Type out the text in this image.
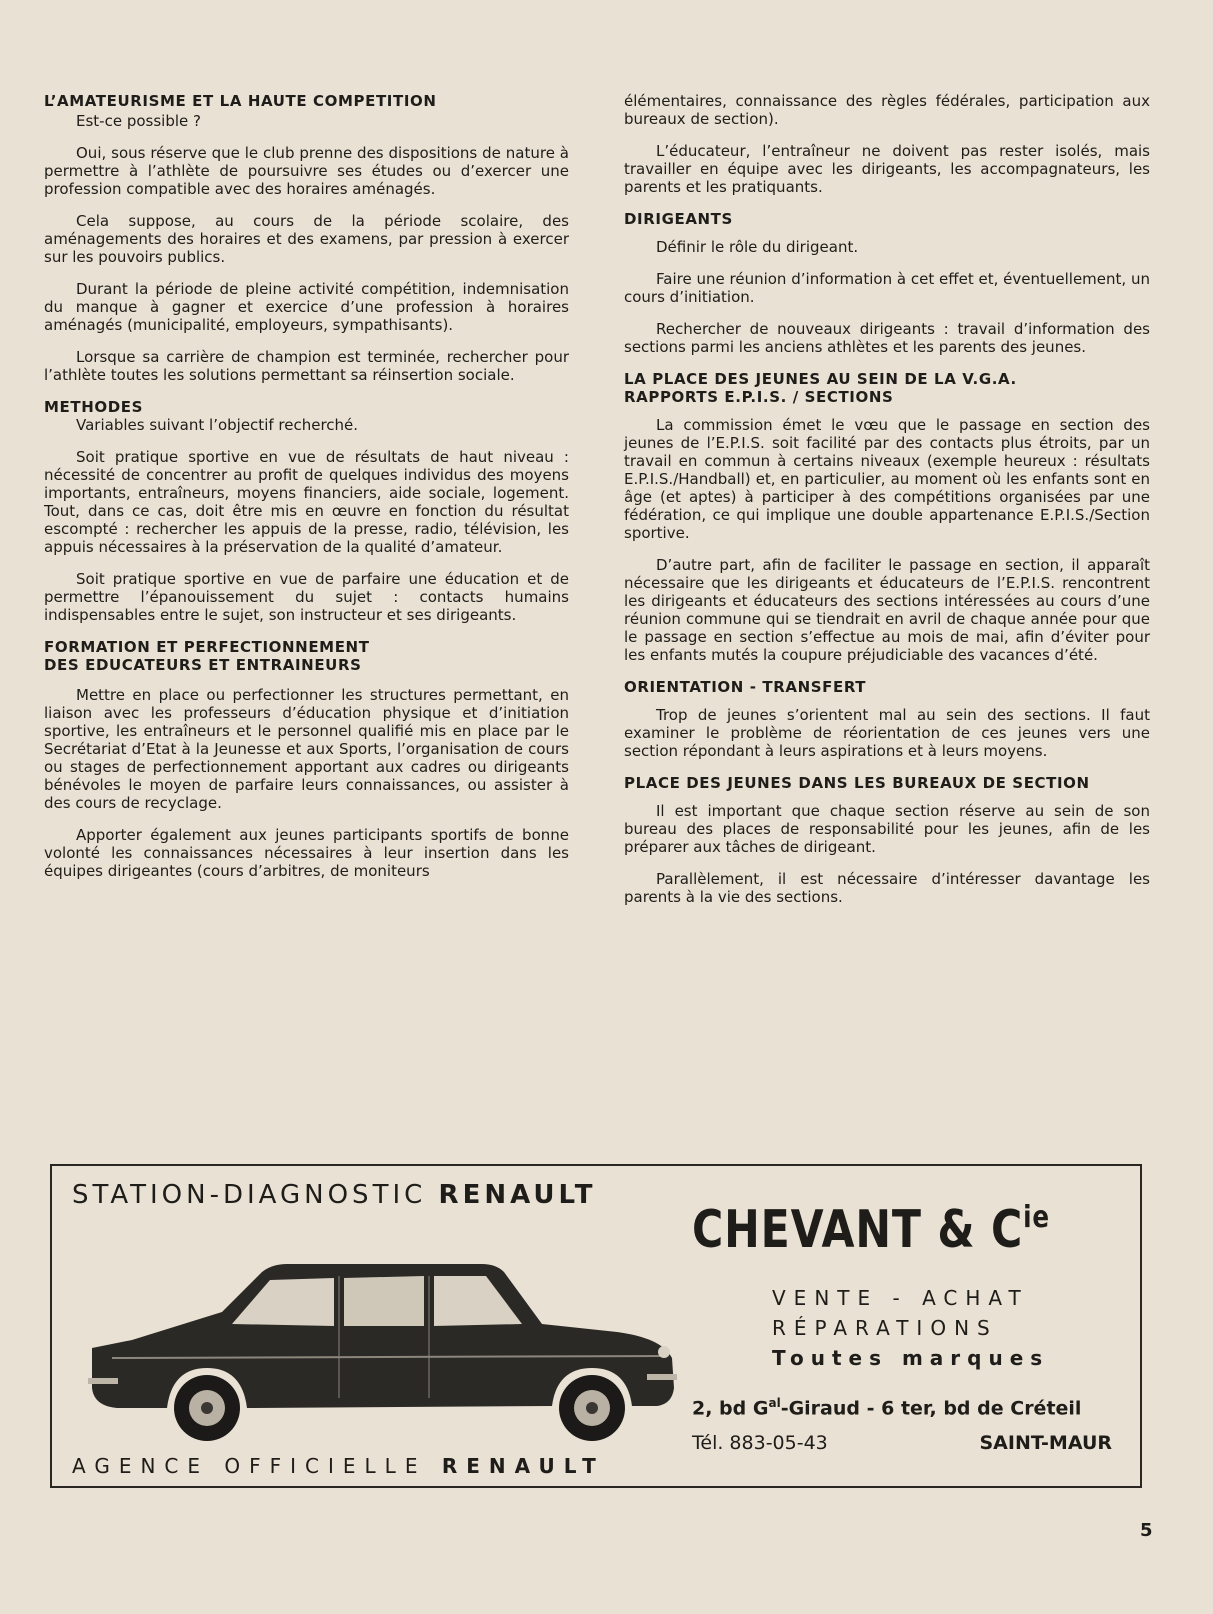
L’AMATEURISME ET LA HAUTE COMPETITION

Est-ce possible ?

Oui, sous réserve que le club prenne des dispositions de nature à permettre à l’athlète de poursuivre ses études ou d’exercer une profession compatible avec des horaires aménagés.

Cela suppose, au cours de la période scolaire, des aménagements des horaires et des examens, par pression à exercer sur les pouvoirs publics.

Durant la période de pleine activité compétition, indemnisation du manque à gagner et exercice d’une profession à horaires aménagés (municipalité, employeurs, sympathisants).

Lorsque sa carrière de champion est terminée, rechercher pour l’athlète toutes les solutions permettant sa réinsertion sociale.

METHODES

Variables suivant l’objectif recherché.

Soit pratique sportive en vue de résultats de haut niveau : nécessité de concentrer au profit de quelques individus des moyens importants, entraîneurs, moyens financiers, aide sociale, logement. Tout, dans ce cas, doit être mis en œuvre en fonction du résultat escompté : rechercher les appuis de la presse, radio, télévision, les appuis nécessaires à la préservation de la qualité d’amateur.

Soit pratique sportive en vue de parfaire une éducation et de permettre l’épanouissement du sujet : contacts humains indispensables entre le sujet, son instructeur et ses dirigeants.

FORMATION ET PERFECTIONNEMENT
DES EDUCATEURS ET ENTRAINEURS

Mettre en place ou perfectionner les structures permettant, en liaison avec les professeurs d’éducation physique et d’initiation sportive, les entraîneurs et le personnel qualifié mis en place par le Secrétariat d’Etat à la Jeunesse et aux Sports, l’organisation de cours ou stages de perfectionnement apportant aux cadres ou dirigeants bénévoles le moyen de parfaire leurs connaissances, ou assister à des cours de recyclage.

Apporter également aux jeunes participants sportifs de bonne volonté les connaissances nécessaires à leur insertion dans les équipes dirigeantes (cours d’arbitres, de moniteurs

élémentaires, connaissance des règles fédérales, participation aux bureaux de section).

L’éducateur, l’entraîneur ne doivent pas rester isolés, mais travailler en équipe avec les dirigeants, les accompagnateurs, les parents et les pratiquants.

DIRIGEANTS

Définir le rôle du dirigeant.

Faire une réunion d’information à cet effet et, éventuellement, un cours d’initiation.

Rechercher de nouveaux dirigeants : travail d’information des sections parmi les anciens athlètes et les parents des jeunes.

LA PLACE DES JEUNES AU SEIN DE LA V.G.A.
RAPPORTS E.P.I.S. / SECTIONS

La commission émet le vœu que le passage en section des jeunes de l’E.P.I.S. soit facilité par des contacts plus étroits, par un travail en commun à certains niveaux (exemple heureux : résultats E.P.I.S./Handball) et, en particulier, au moment où les enfants sont en âge (et aptes) à participer à des compétitions organisées par une fédération, ce qui implique une double appartenance E.P.I.S./Section sportive.

D’autre part, afin de faciliter le passage en section, il apparaît nécessaire que les dirigeants et éducateurs de l’E.P.I.S. rencontrent les dirigeants et éducateurs des sections intéressées au cours d’une réunion commune qui se tiendrait en avril de chaque année pour que le passage en section s’effectue au mois de mai, afin d’éviter pour les enfants mutés la coupure préjudiciable des vacances d’été.

ORIENTATION - TRANSFERT

Trop de jeunes s’orientent mal au sein des sections. Il faut examiner le problème de réorientation de ces jeunes vers une section répondant à leurs aspirations et à leurs moyens.

PLACE DES JEUNES DANS LES BUREAUX DE SECTION

Il est important que chaque section réserve au sein de son bureau des places de responsabilité pour les jeunes, afin de les préparer aux tâches de dirigeant.

Parallèlement, il est nécessaire d’intéresser davantage les parents à la vie des sections.

STATION-DIAGNOSTIC RENAULT
AGENCE OFFICIELLE RENAULT
CHEVANT & $C^{ie}$
VENTE - ACHAT
RÉPARATIONS
Toutes marques
2, bd $G^{al}$-Giraud - 6 ter, bd de Créteil
Tél. 883-05-43	SAINT-MAUR
5
